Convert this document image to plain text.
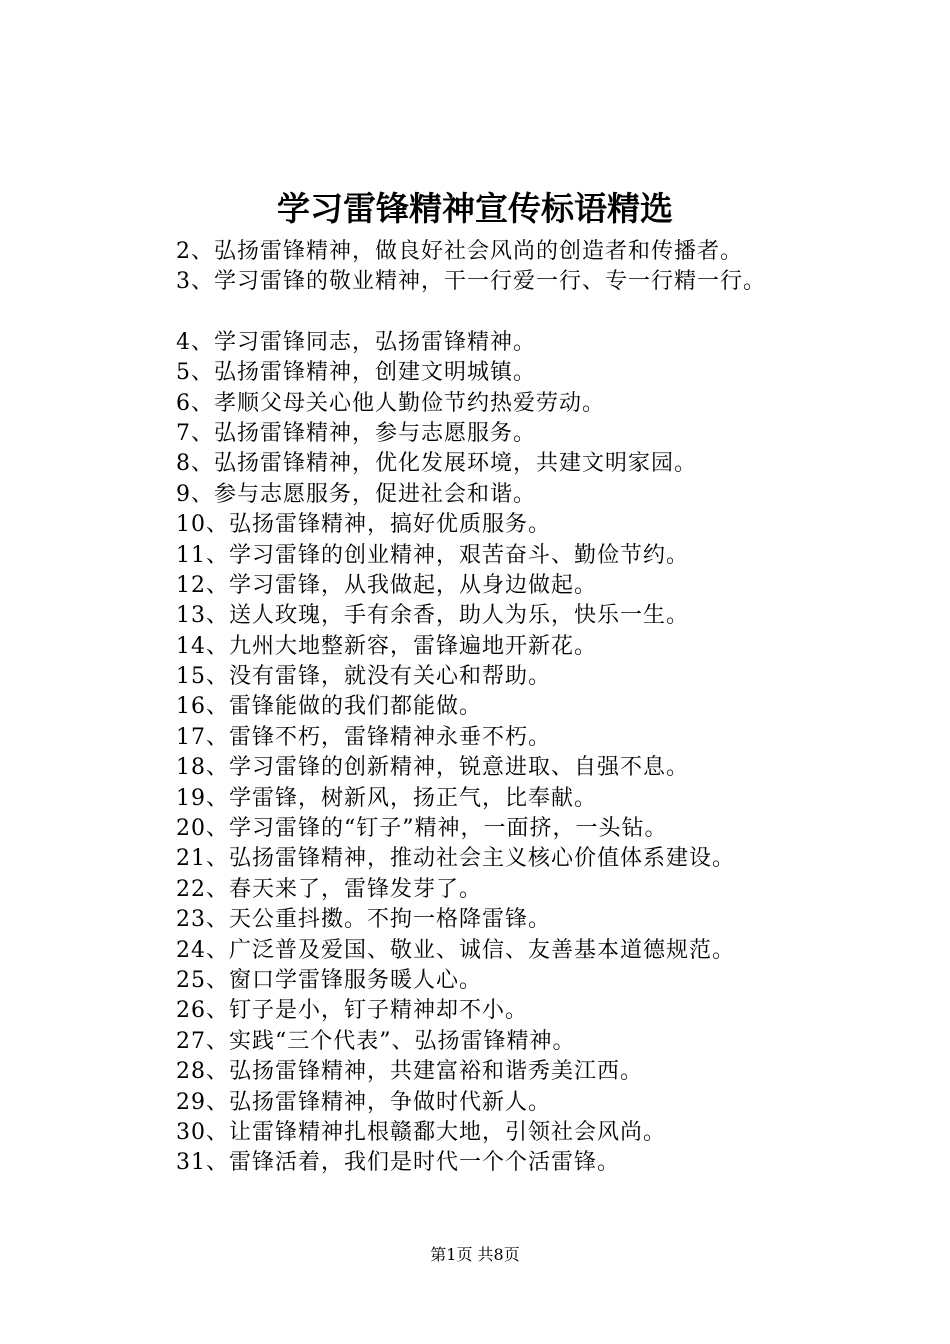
学习雷锋精神宣传标语精选
2、弘扬雷锋精神，做良好社会风尚的创造者和传播者。
3、学习雷锋的敬业精神，干一行爱一行、专一行精一行。
4、学习雷锋同志，弘扬雷锋精神。
5、弘扬雷锋精神，创建文明城镇。
6、孝顺父母关心他人勤俭节约热爱劳动。
7、弘扬雷锋精神，参与志愿服务。
8、弘扬雷锋精神，优化发展环境，共建文明家园。
9、参与志愿服务，促进社会和谐。
10、弘扬雷锋精神，搞好优质服务。
11、学习雷锋的创业精神，艰苦奋斗、勤俭节约。
12、学习雷锋，从我做起，从身边做起。
13、送人玫瑰，手有余香，助人为乐，快乐一生。
14、九州大地整新容，雷锋遍地开新花。
15、没有雷锋，就没有关心和帮助。
16、雷锋能做的我们都能做。
17、雷锋不朽，雷锋精神永垂不朽。
18、学习雷锋的创新精神，锐意进取、自强不息。
19、学雷锋，树新风，扬正气，比奉献。
20、学习雷锋的“钉子”精神，一面挤，一头钻。
21、弘扬雷锋精神，推动社会主义核心价值体系建设。
22、春天来了，雷锋发芽了。
23、天公重抖擞。不拘一格降雷锋。
24、广泛普及爱国、敬业、诚信、友善基本道德规范。
25、窗口学雷锋服务暖人心。
26、钉子是小，钉子精神却不小。
27、实践“三个代表”、弘扬雷锋精神。
28、弘扬雷锋精神，共建富裕和谐秀美江西。
29、弘扬雷锋精神，争做时代新人。
30、让雷锋精神扎根赣鄱大地，引领社会风尚。
31、雷锋活着，我们是时代一个个活雷锋。
第1页 共8页
